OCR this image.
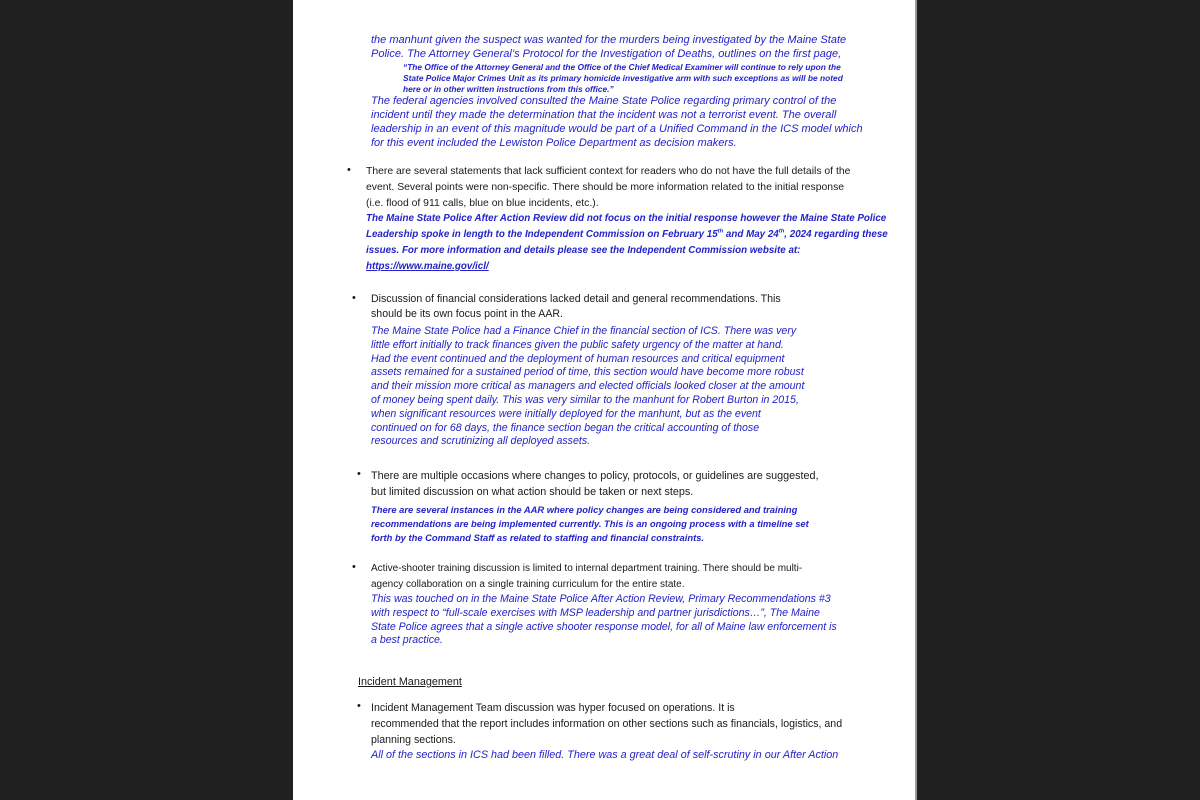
the manhunt given the suspect was wanted for the murders being investigated by the Maine State
Police. The Attorney General’s Protocol for the Investigation of Deaths, outlines on the first page,
“The Office of the Attorney General and the Office of the Chief Medical Examiner will continue to rely upon the
State Police Major Crimes Unit as its primary homicide investigative arm with such exceptions as will be noted
here or in other written instructions from this office.”
The federal agencies involved consulted the Maine State Police regarding primary control of the
incident until they made the determination that the incident was not a terrorist event. The overall
leadership in an event of this magnitude would be part of a Unified Command in the ICS model which
for this event included the Lewiston Police Department as decision makers.
• There are several statements that lack sufficient context for readers who do not have the full details of the
event. Several points were non-specific. There should be more information related to the initial response
(i.e. flood of 911 calls, blue on blue incidents, etc.).
The Maine State Police After Action Review did not focus on the initial response however the Maine State Police
Leadership spoke in length to the Independent Commission on February 15th and May 24th, 2024 regarding these
issues. For more information and details please see the Independent Commission website at:
https://www.maine.gov/icl/
• Discussion of financial considerations lacked detail and general recommendations. This
should be its own focus point in the AAR.
The Maine State Police had a Finance Chief in the financial section of ICS. There was very
little effort initially to track finances given the public safety urgency of the matter at hand.
Had the event continued and the deployment of human resources and critical equipment
assets remained for a sustained period of time, this section would have become more robust
and their mission more critical as managers and elected officials looked closer at the amount
of money being spent daily. This was very similar to the manhunt for Robert Burton in 2015,
when significant resources were initially deployed for the manhunt, but as the event
continued on for 68 days, the finance section began the critical accounting of those
resources and scrutinizing all deployed assets.
• There are multiple occasions where changes to policy, protocols, or guidelines are suggested,
but limited discussion on what action should be taken or next steps.
There are several instances in the AAR where policy changes are being considered and training
recommendations are being implemented currently. This is an ongoing process with a timeline set
forth by the Command Staff as related to staffing and financial constraints.
• Active-shooter training discussion is limited to internal department training. There should be multi-
agency collaboration on a single training curriculum for the entire state.
This was touched on in the Maine State Police After Action Review, Primary Recommendations #3
with respect to “full-scale exercises with MSP leadership and partner jurisdictions…”, The Maine
State Police agrees that a single active shooter response model, for all of Maine law enforcement is
a best practice.
Incident Management
• Incident Management Team discussion was hyper focused on operations. It is
recommended that the report includes information on other sections such as financials, logistics, and
planning sections.
All of the sections in ICS had been filled. There was a great deal of self-scrutiny in our After Action
